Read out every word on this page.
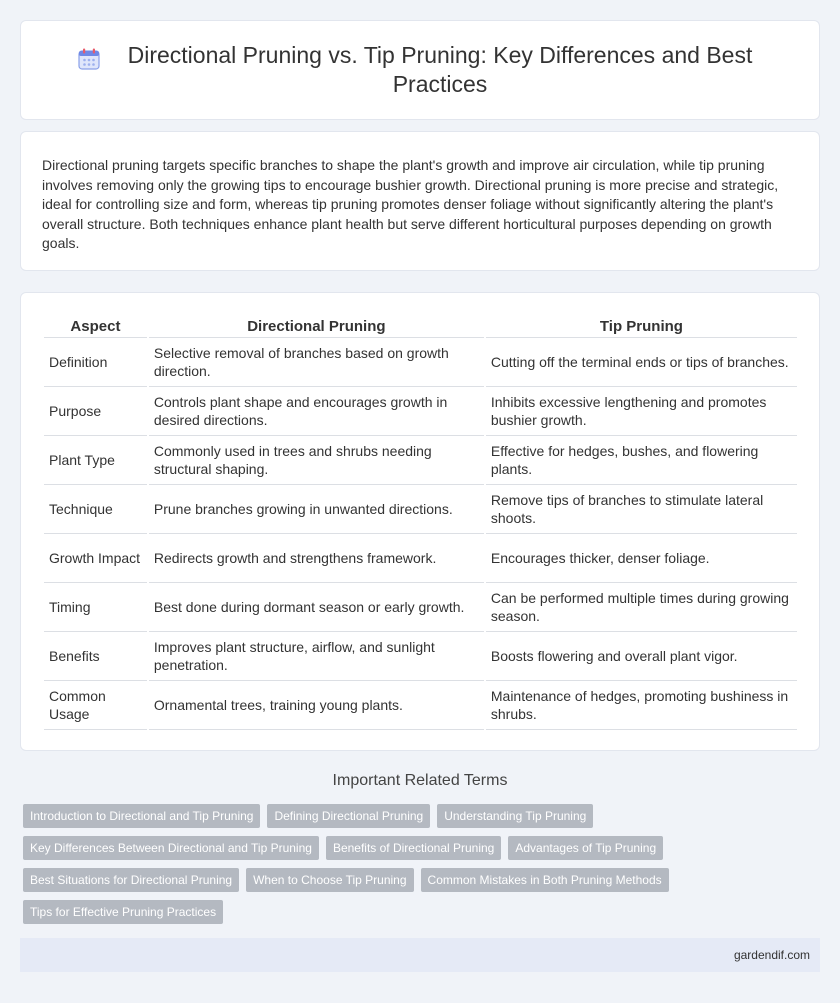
Directional Pruning vs. Tip Pruning: Key Differences and Best Practices

Directional pruning targets specific branches to shape the plant's growth and improve air circulation, while tip pruning involves removing only the growing tips to encourage bushier growth. Directional pruning is more precise and strategic, ideal for controlling size and form, whereas tip pruning promotes denser foliage without significantly altering the plant's overall structure. Both techniques enhance plant health but serve different horticultural purposes depending on growth goals.

Aspect	Directional Pruning	Tip Pruning
Definition	Selective removal of branches based on growth direction.	Cutting off the terminal ends or tips of branches.
Purpose	Controls plant shape and encourages growth in desired directions.	Inhibits excessive lengthening and promotes bushier growth.
Plant Type	Commonly used in trees and shrubs needing structural shaping.	Effective for hedges, bushes, and flowering plants.
Technique	Prune branches growing in unwanted directions.	Remove tips of branches to stimulate lateral shoots.
Growth Impact	Redirects growth and strengthens framework.	Encourages thicker, denser foliage.
Timing	Best done during dormant season or early growth.	Can be performed multiple times during growing season.
Benefits	Improves plant structure, airflow, and sunlight penetration.	Boosts flowering and overall plant vigor.
Common Usage	Ornamental trees, training young plants.	Maintenance of hedges, promoting bushiness in shrubs.
Important Related Terms
Introduction to Directional and Tip Pruning	Defining Directional Pruning	Understanding Tip Pruning
Key Differences Between Directional and Tip Pruning	Benefits of Directional Pruning	Advantages of Tip Pruning
Best Situations for Directional Pruning	When to Choose Tip Pruning	Common Mistakes in Both Pruning Methods
Tips for Effective Pruning Practices
gardendif.com
